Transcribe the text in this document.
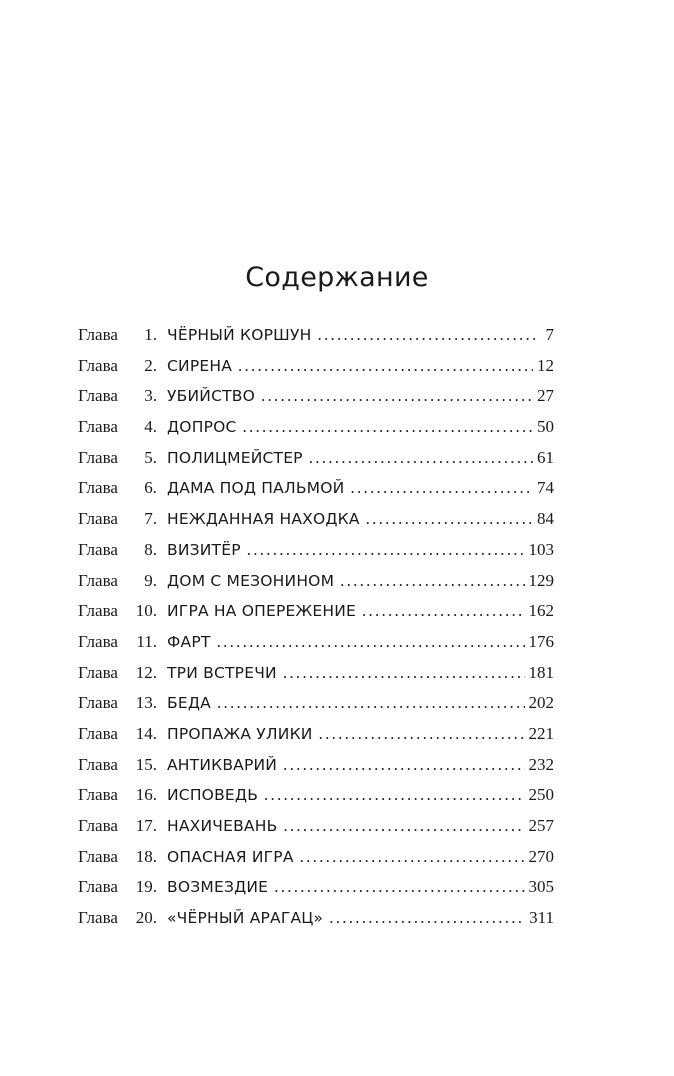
Содержание
Глава	1. ЧЁРНЫЙ КОРШУН . . .	7
Глава	2. СИРЕНА . . .	12
Глава	3. УБИЙСТВО . . .	27
Глава	4. ДОПРОС . . .	50
Глава	5. ПОЛИЦМЕЙСТЕР . . .	61
Глава	6. ДАМА ПОД ПАЛЬМОЙ . . .	74
Глава	7. НЕЖДАННАЯ НАХОДКА . . .	84
Глава	8. ВИЗИТЁР . . .	103
Глава	9. ДОМ С МЕЗОНИНОМ . . .	129
Глава	10. ИГРА НА ОПЕРЕЖЕНИЕ . . .	162
Глава	11. ФАРТ . . .	176
Глава	12. ТРИ ВСТРЕЧИ . . .	181
Глава	13. БЕДА . . .	202
Глава	14. ПРОПАЖА УЛИКИ . . .	221
Глава	15. АНТИКВАРИЙ . . .	232
Глава	16. ИСПОВЕДЬ . . .	250
Глава	17. НАХИЧЕВАНЬ . . .	257
Глава	18. ОПАСНАЯ ИГРА . . .	270
Глава	19. ВОЗМЕЗДИЕ . . .	305
Глава	20. «ЧЁРНЫЙ АРАГАЦ» . . .	311
